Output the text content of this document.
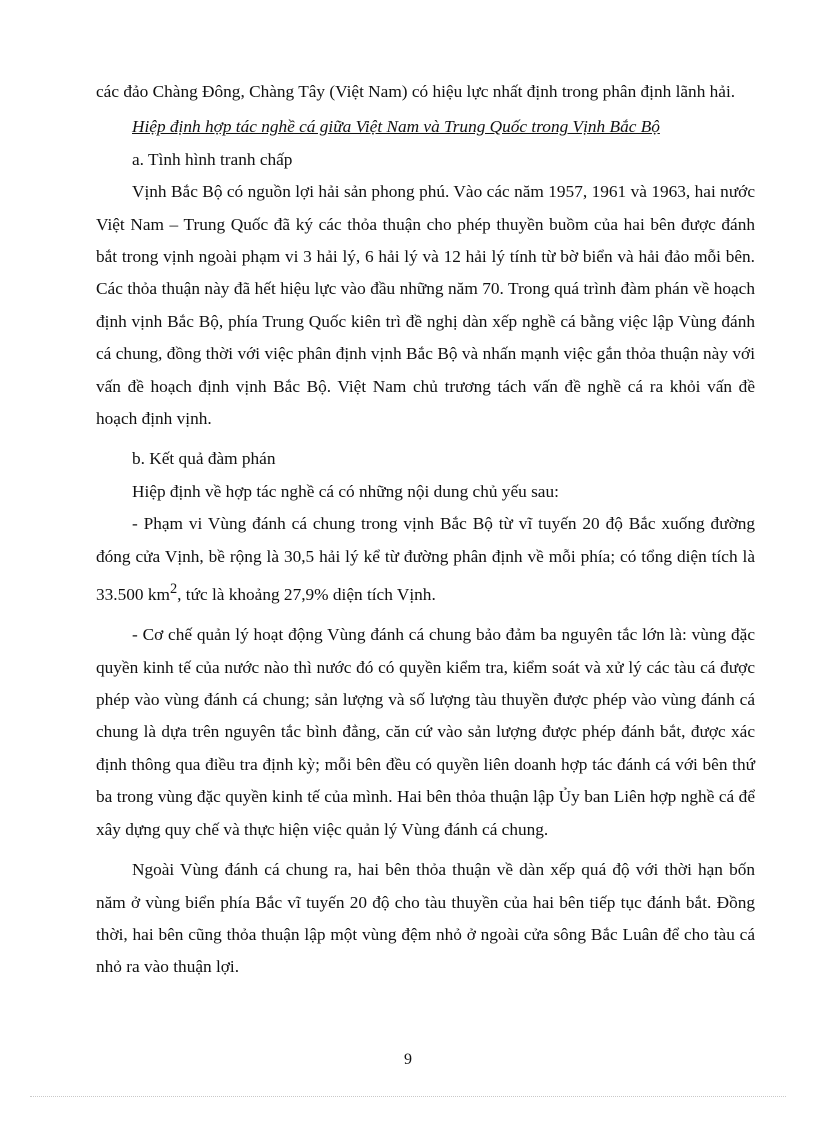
các đảo Chàng Đông, Chàng Tây (Việt Nam) có hiệu lực nhất định trong phân định lãnh hải.

Hiệp định hợp tác nghề cá giữa Việt Nam và Trung Quốc trong Vịnh Bắc Bộ

a. Tình hình tranh chấp

Vịnh Bắc Bộ có nguồn lợi hải sản phong phú. Vào các năm 1957, 1961 và 1963, hai nước Việt Nam – Trung Quốc đã ký các thỏa thuận cho phép thuyền buồm của hai bên được đánh bắt trong vịnh ngoài phạm vi 3 hải lý, 6 hải lý và 12 hải lý tính từ bờ biển và hải đảo mỗi bên. Các thỏa thuận này đã hết hiệu lực vào đầu những năm 70. Trong quá trình đàm phán về hoạch định vịnh Bắc Bộ, phía Trung Quốc kiên trì đề nghị dàn xếp nghề cá bằng việc lập Vùng đánh cá chung, đồng thời với việc phân định vịnh Bắc Bộ và nhấn mạnh việc gắn thỏa thuận này với vấn đề hoạch định vịnh Bắc Bộ. Việt Nam chủ trương tách vấn đề nghề cá ra khỏi vấn đề hoạch định vịnh.

b. Kết quả đàm phán

Hiệp định về hợp tác nghề cá có những nội dung chủ yếu sau:

- Phạm vi Vùng đánh cá chung trong vịnh Bắc Bộ từ vĩ tuyến 20 độ Bắc xuống đường đóng cửa Vịnh, bề rộng là 30,5 hải lý kể từ đường phân định về mỗi phía; có tổng diện tích là 33.500 $km^2$, tức là khoảng 27,9% diện tích Vịnh.

- Cơ chế quản lý hoạt động Vùng đánh cá chung bảo đảm ba nguyên tắc lớn là: vùng đặc quyền kinh tế của nước nào thì nước đó có quyền kiểm tra, kiểm soát và xử lý các tàu cá được phép vào vùng đánh cá chung; sản lượng và số lượng tàu thuyền được phép vào vùng đánh cá chung là dựa trên nguyên tắc bình đẳng, căn cứ vào sản lượng được phép đánh bắt, được xác định thông qua điều tra định kỳ; mỗi bên đều có quyền liên doanh hợp tác đánh cá với bên thứ ba trong vùng đặc quyền kinh tế của mình. Hai bên thỏa thuận lập Ủy ban Liên hợp nghề cá để xây dựng quy chế và thực hiện việc quản lý Vùng đánh cá chung.

Ngoài Vùng đánh cá chung ra, hai bên thỏa thuận về dàn xếp quá độ với thời hạn bốn năm ở vùng biển phía Bắc vĩ tuyến 20 độ cho tàu thuyền của hai bên tiếp tục đánh bắt. Đồng thời, hai bên cũng thỏa thuận lập một vùng đệm nhỏ ở ngoài cửa sông Bắc Luân để cho tàu cá nhỏ ra vào thuận lợi.

9
